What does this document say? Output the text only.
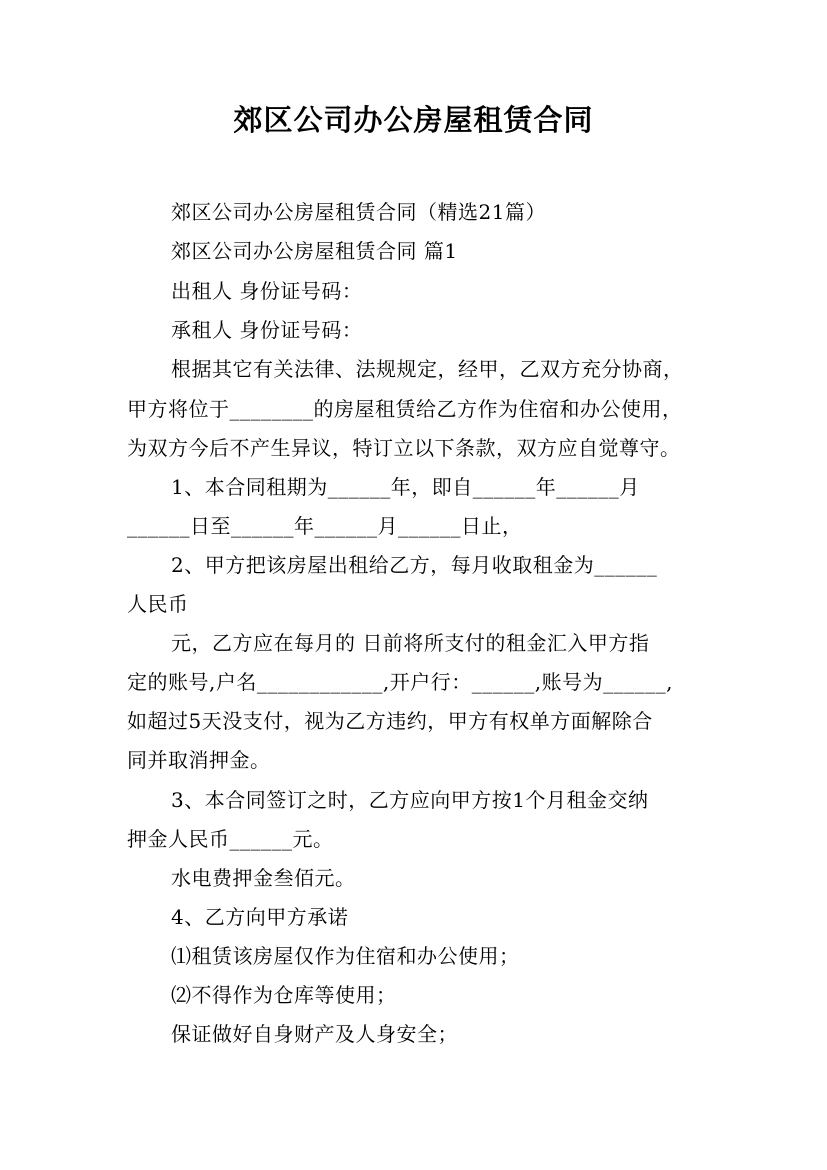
郊区公司办公房屋租赁合同
郊区公司办公房屋租赁合同（精选21篇）
郊区公司办公房屋租赁合同 篇1
出租人 身份证号码：
承租人 身份证号码：
根据其它有关法律、法规规定，经甲，乙双方充分协商，
甲方将位于________的房屋租赁给乙方作为住宿和办公使用，
为双方今后不产生异议，特订立以下条款，双方应自觉尊守。
1、本合同租期为______年，即自______年______月
______日至______年______月______日止，
2、甲方把该房屋出租给乙方，每月收取租金为______
人民币
元，乙方应在每月的 日前将所支付的租金汇入甲方指
定的账号,户名____________,开户行：______,账号为______,
如超过5天没支付，视为乙方违约，甲方有权单方面解除合
同并取消押金。
3、本合同签订之时，乙方应向甲方按1个月租金交纳
押金人民币______元。
水电费押金叁佰元。
4、乙方向甲方承诺
⑴租赁该房屋仅作为住宿和办公使用；
⑵不得作为仓库等使用；
保证做好自身财产及人身安全；
